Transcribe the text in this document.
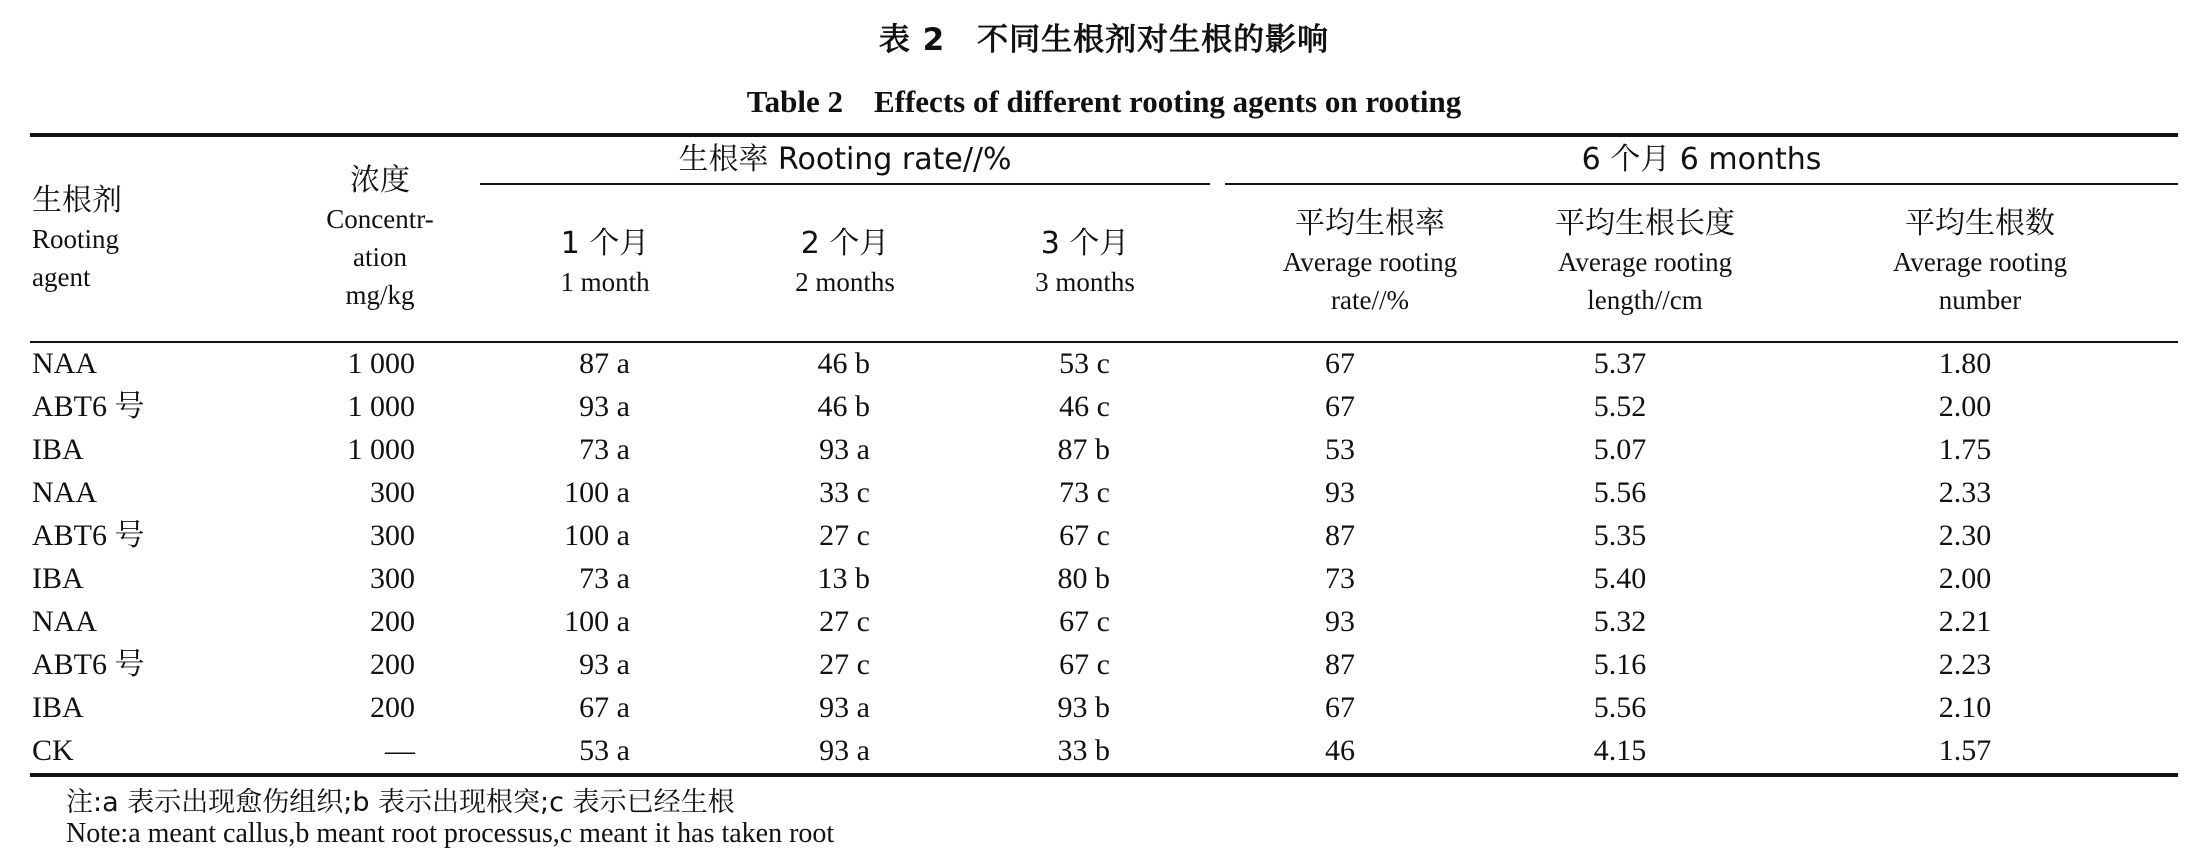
表 2　不同生根剂对生根的影响
Table 2　Effects of different rooting agents on rooting
生根剂
Rooting
agent
浓度
Concentr-
ation
mg/kg
生根率 Rooting rate//%	6 个月 6 months
1 个月
1 month
2 个月
2 months
3 个月
3 months
平均生根率
Average rooting
rate//%
平均生根长度
Average rooting
length//cm
平均生根数
Average rooting
number
NAA	1 000	87 a	46 b	53 c	67	5.37	1.80
ABT6 号	1 000	93 a	46 b	46 c	67	5.52	2.00
IBA	1 000	73 a	93 a	87 b	53	5.07	1.75
NAA	300	100 a	33 c	73 c	93	5.56	2.33
ABT6 号	300	100 a	27 c	67 c	87	5.35	2.30
IBA	300	73 a	13 b	80 b	73	5.40	2.00
NAA	200	100 a	27 c	67 c	93	5.32	2.21
ABT6 号	200	93 a	27 c	67 c	87	5.16	2.23
IBA	200	67 a	93 a	93 b	67	5.56	2.10
CK	—	53 a	93 a	33 b	46	4.15	1.57
注:a 表示出现愈伤组织;b 表示出现根突;c 表示已经生根
Note:a meant callus,b meant root processus,c meant it has taken root
